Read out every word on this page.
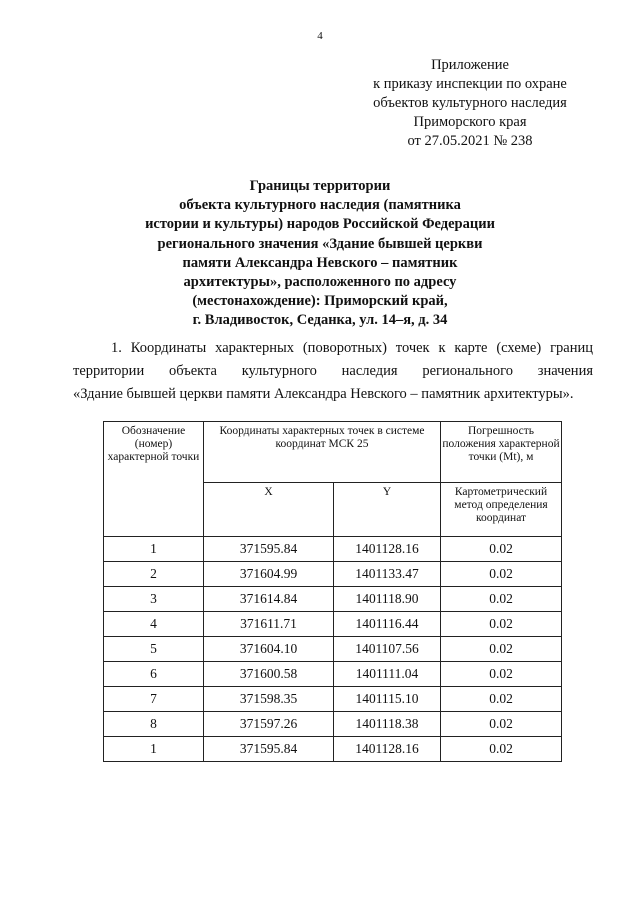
4
Приложение
к приказу инспекции по охране
объектов культурного наследия
Приморского края
от 27.05.2021 № 238
Границы территории
объекта культурного наследия (памятника
истории и культуры) народов Российской Федерации
регионального значения «Здание бывшей церкви
памяти Александра Невского – памятник
архитектуры», расположенного по адресу
(местонахождение): Приморский край,
г. Владивосток, Седанка, ул. 14–я, д. 34
1. Координаты характерных (поворотных) точек к карте (схеме) границ
территории объекта культурного наследия регионального значения
«Здание бывшей церкви памяти Александра Невского – памятник архитектуры».
Обозначение (номер) характерной точки	Координаты характерных точек в системе координат МСК 25		Погрешность положения характерной точки (Mt), м
	X	Y	Картометрический метод определения координат
1	371595.84	1401128.16	0.02
2	371604.99	1401133.47	0.02
3	371614.84	1401118.90	0.02
4	371611.71	1401116.44	0.02
5	371604.10	1401107.56	0.02
6	371600.58	1401111.04	0.02
7	371598.35	1401115.10	0.02
8	371597.26	1401118.38	0.02
1	371595.84	1401128.16	0.02
